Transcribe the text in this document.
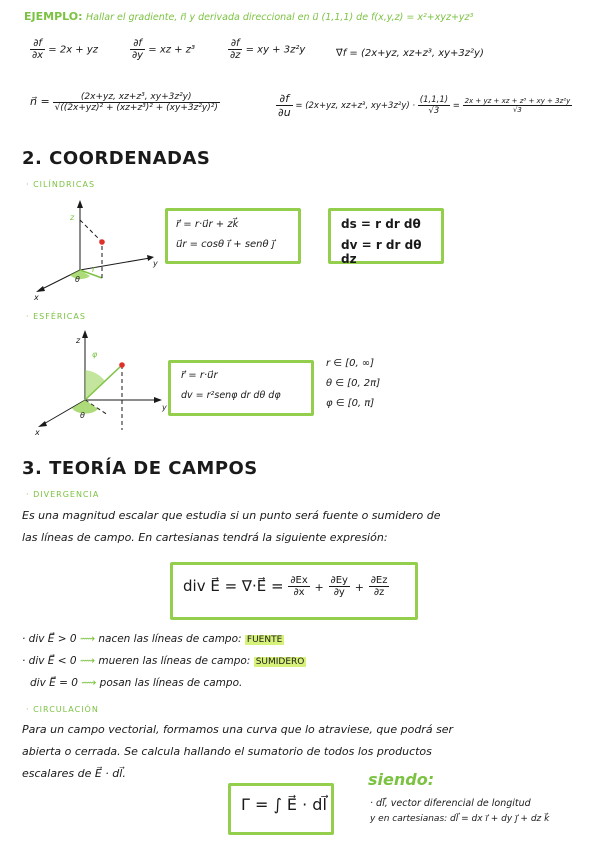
EJEMPLO: Hallar el gradiente, n⃗ y derivada direccional en u⃗ (1,1,1) de f(x,y,z) = x²+xyz+yz³
$\frac{\partial f}{\partial x} = 2x$ + yz	$\frac{\partial f}{\partial y}$ = xz + z³	$\frac{\partial f}{\partial z}$ = xy + 3z²y	∇⃗f = (2x+yz, xz+z³, xy+3z²y)
n⃗ = $\frac{\text{(2x+yz, xz+z³, xy+3z²y)}}{\text{√((2x+yz)² + (xz+z³)² + (xy+3z²y)²)}}$	$\frac{\partial f}{\partial u} = (2x+yz$, xz+z³, $xy+3z^2y) \cdot \frac{(1,1,1)}{√3} = \frac{\text{2x + yz + xz + z³ + xy + 3z²y}}{√3}$
2. COORDENADAS
· CILÍNDRICAS
z
y
x
θ
r
r⃗ = r·u⃗r + zk⃗
u⃗r = cosθ i⃗ + senθ j⃗
ds = r dr dθ
dv = r dr dθ dz
· ESFÉRICAS
φ
θ
z
y
x
r⃗ = r·u⃗r
dv = r²senφ dr dθ dφ
r ∈ [0, ∞]
θ ∈ [0, 2π]
φ ∈ [0, π]
3. TEORÍA DE CAMPOS
· DIVERGENCIA
Es una magnitud escalar que estudia si un punto será fuente o sumidero de
las líneas de campo. En cartesianas tendrá la siguiente expresión:
div E⃗ = ∇·E⃗ = $\frac{\partial Ex}{\partial x} + \frac{\partial Ey}{\partial y} + \frac{\partial Ez}{\partial z}$
· div E⃗ > 0 ⟿ nacen las líneas de campo: FUENTE
· div E⃗ < 0 ⟿ mueren las líneas de campo: SUMIDERO
div E⃗ = 0 ⟿ posan las líneas de campo.
· CIRCULACIÓN
Para un campo vectorial, formamos una curva que lo atraviese, que podrá ser
abierta o cerrada. Se calcula hallando el sumatorio de todos los productos
escalares de E⃗ · dl⃗.
Γ = ∫ E⃗ · dl⃗
siendo:
· dl⃗, vector diferencial de longitud
y en cartesianas: dl⃗ = dx i⃗ + dy j⃗ + dz k⃗
